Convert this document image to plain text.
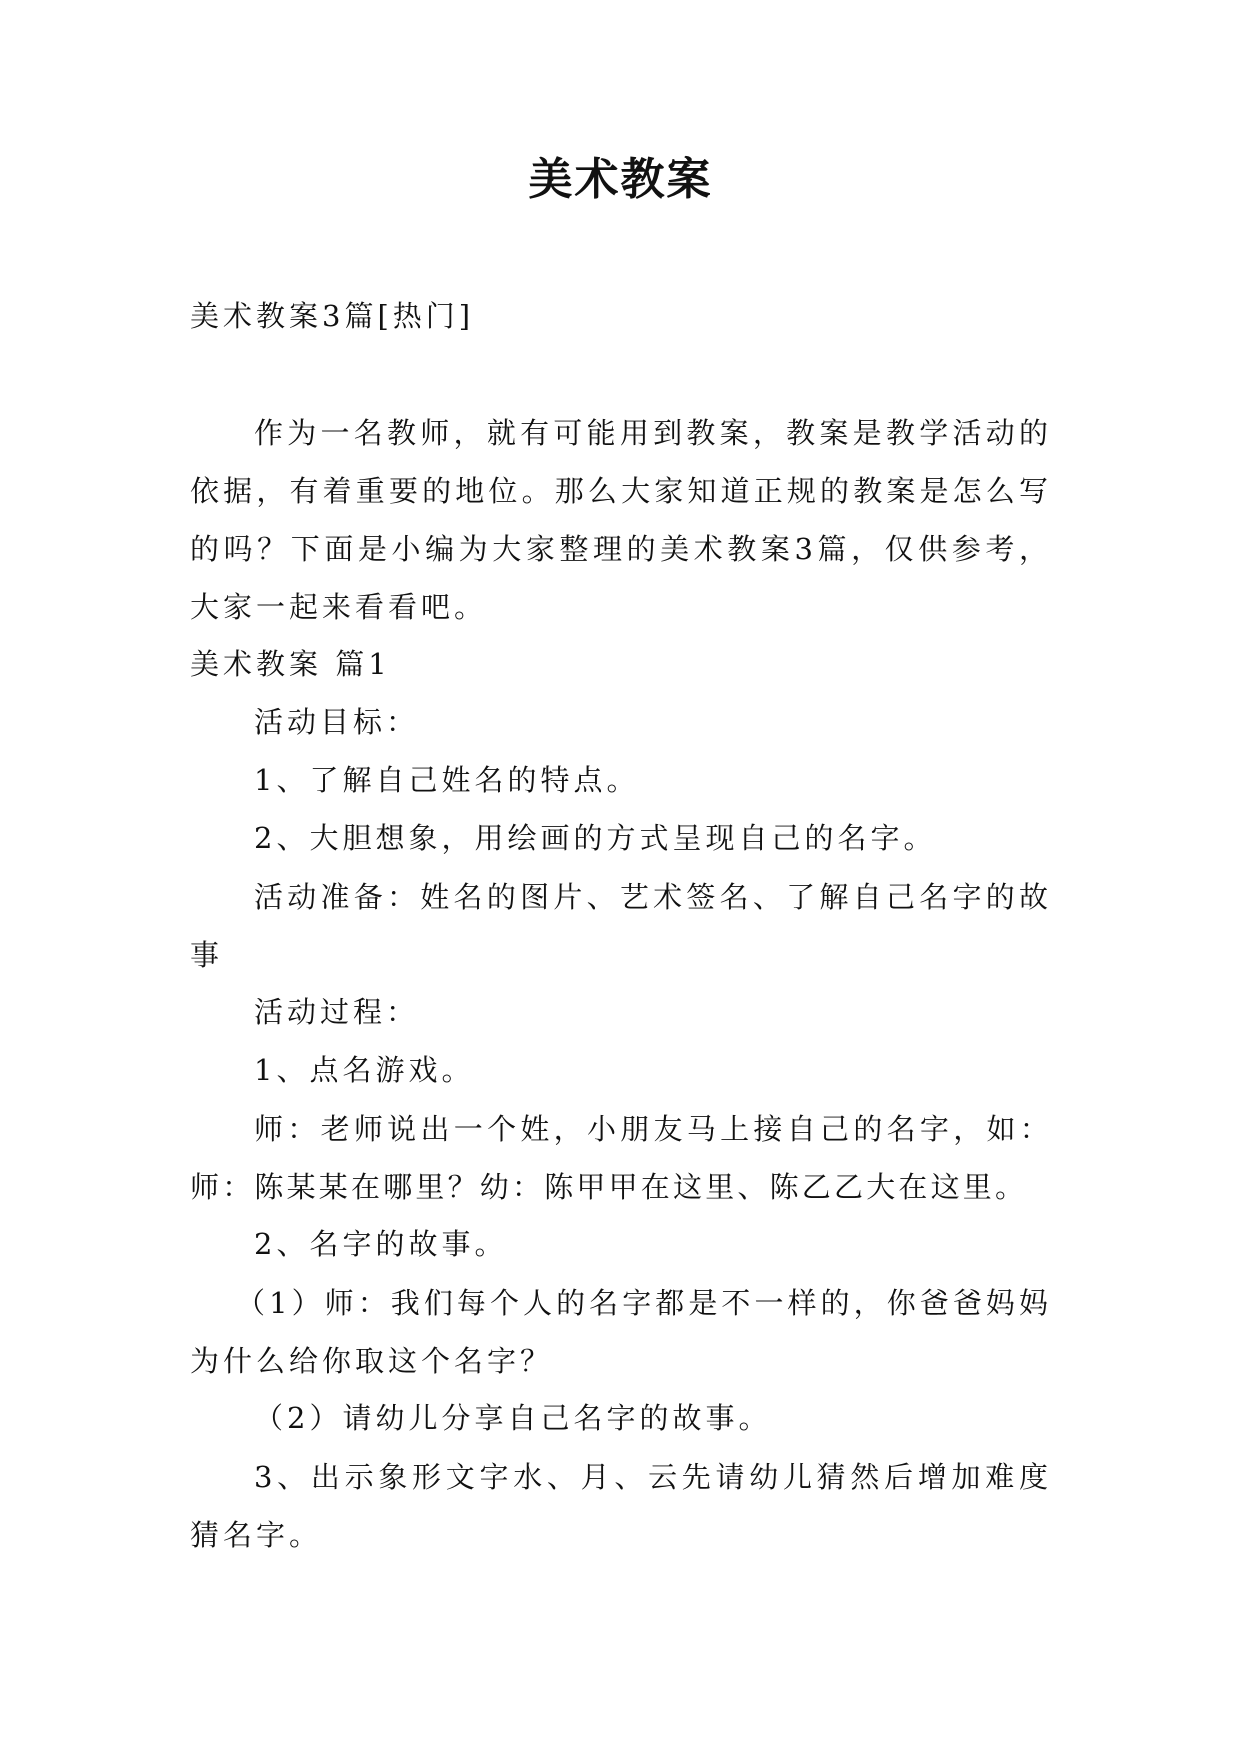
美术教案
美术教案3篇[热门]
作为一名教师，就有可能用到教案，教案是教学活动的依据，有着重要的地位。那么大家知道正规的教案是怎么写的吗？下面是小编为大家整理的美术教案3篇，仅供参考，大家一起来看看吧。
美术教案 篇1
活动目标：
1、了解自己姓名的特点。
2、大胆想象，用绘画的方式呈现自己的名字。
活动准备：姓名的图片、艺术签名、了解自己名字的故事
活动过程：
1、点名游戏。
师：老师说出一个姓，小朋友马上接自己的名字，如：师：陈某某在哪里？幼：陈甲甲在这里、陈乙乙大在这里。
2、名字的故事。
（1）师：我们每个人的名字都是不一样的，你爸爸妈妈为什么给你取这个名字？
（2）请幼儿分享自己名字的故事。
3、出示象形文字水、月、云先请幼儿猜然后增加难度猜名字。
